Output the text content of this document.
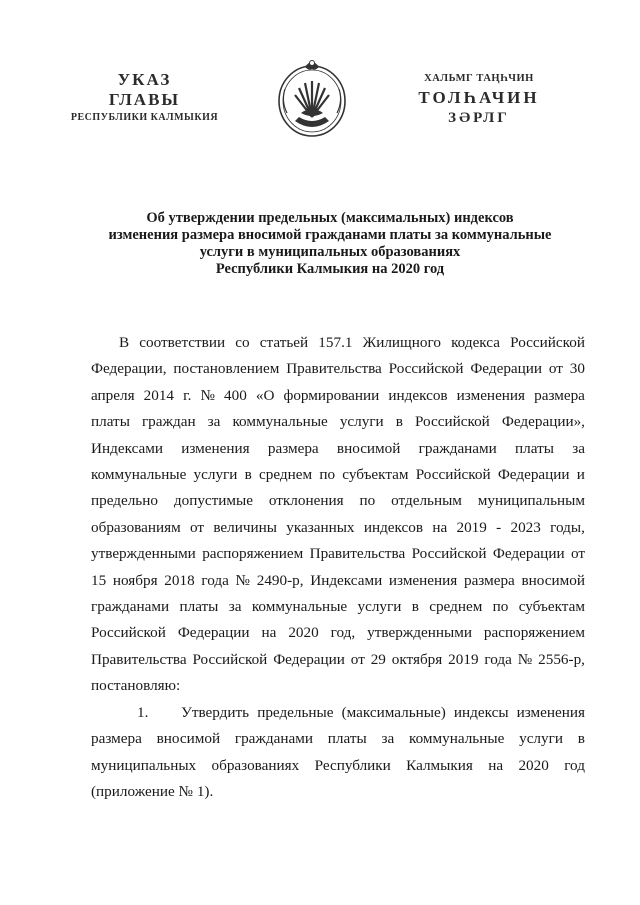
УКАЗ
ГЛАВЫ
РЕСПУБЛИКИ КАЛМЫКИЯ
ХАЛЬМГ ТАҢҺЧИН
ТОЛҺАЧИН
ЗӘРЛГ
Об утверждении предельных (максимальных) индексов
изменения размера вносимой гражданами платы за коммунальные
услуги в муниципальных образованиях
Республики Калмыкия на 2020 год
В соответствии со статьей 157.1 Жилищного кодекса Российской
Федерации, постановлением Правительства Российской Федерации от 30
апреля 2014 г. № 400 «О формировании индексов изменения размера
платы граждан за коммунальные услуги в Российской Федерации»,
Индексами изменения размера вносимой гражданами платы за
коммунальные услуги в среднем по субъектам Российской Федерации и
предельно допустимые отклонения по отдельным муниципальным
образованиям от величины указанных индексов на 2019 - 2023 годы,
утвержденными распоряжением Правительства Российской Федерации от
15 ноября 2018 года № 2490-р, Индексами изменения размера вносимой
гражданами платы за коммунальные услуги в среднем по субъектам
Российской Федерации на 2020 год, утвержденными распоряжением
Правительства Российской Федерации от 29 октября 2019 года № 2556-р,
постановляю:
1.	Утвердить предельные (максимальные) индексы изменения
размера вносимой гражданами платы за коммунальные услуги в
муниципальных образованиях Республики Калмыкия на 2020 год
(приложение № 1).
